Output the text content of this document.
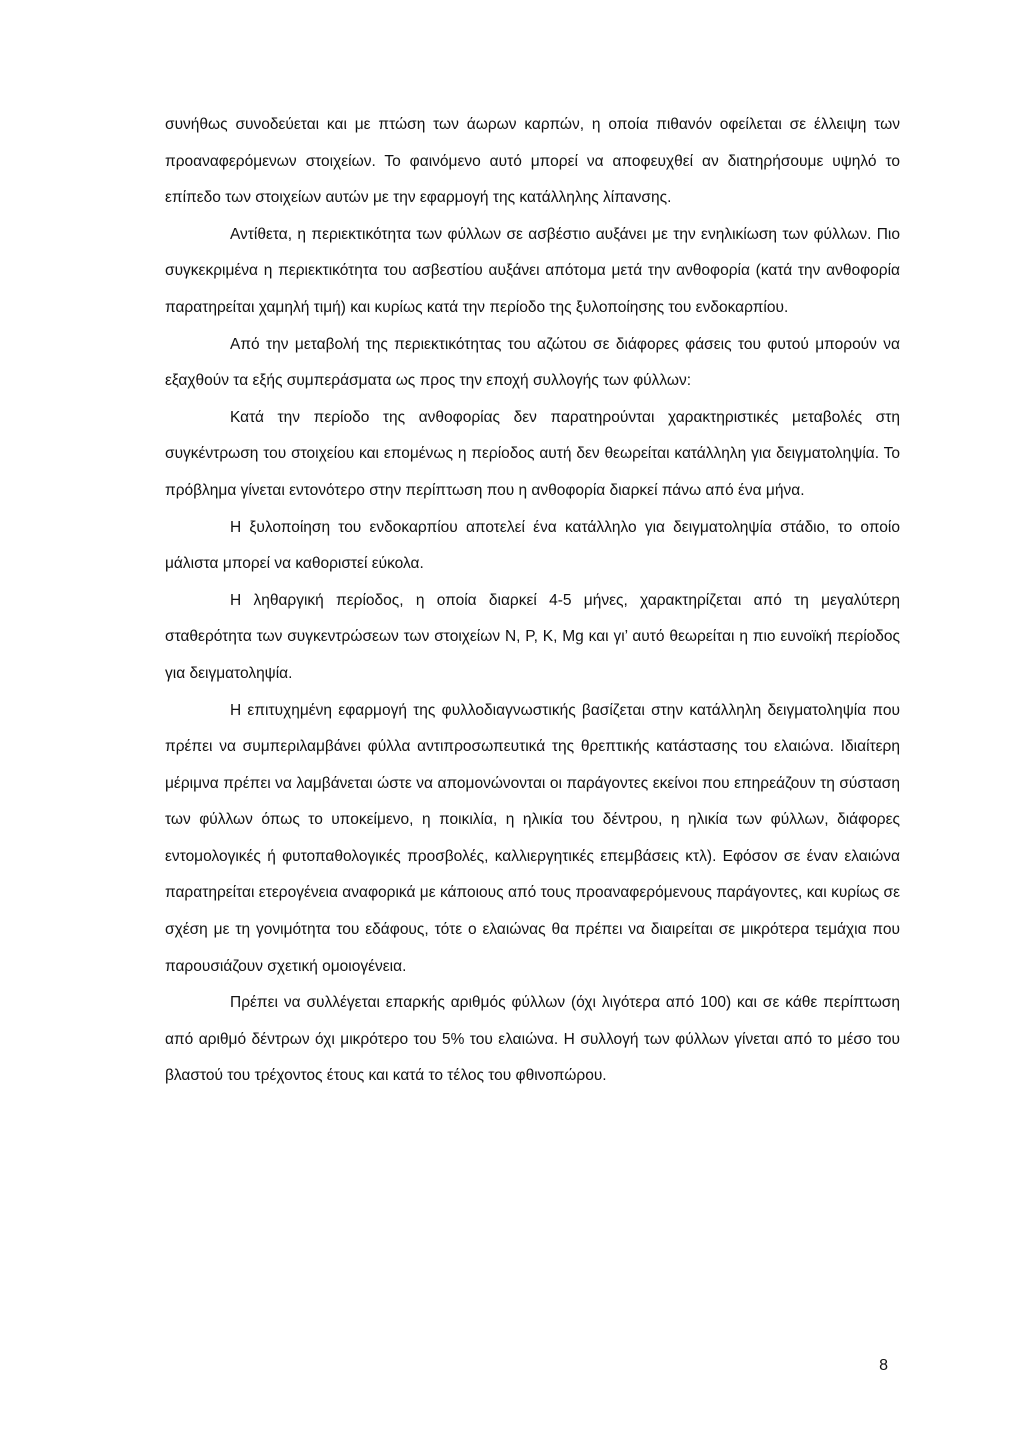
συνήθως συνοδεύεται και με πτώση των άωρων καρπών, η οποία πιθανόν οφείλεται σε έλλειψη των προαναφερόμενων στοιχείων. Το φαινόμενο αυτό μπορεί να αποφευχθεί αν διατηρήσουμε υψηλό το επίπεδο των στοιχείων αυτών με την εφαρμογή της κατάλληλης λίπανσης.

Αντίθετα, η περιεκτικότητα των φύλλων σε ασβέστιο αυξάνει με την ενηλικίωση των φύλλων. Πιο συγκεκριμένα η περιεκτικότητα του ασβεστίου αυξάνει απότομα μετά την ανθοφορία (κατά την ανθοφορία παρατηρείται χαμηλή τιμή) και κυρίως κατά την περίοδο της ξυλοποίησης του ενδοκαρπίου.

Από την μεταβολή της περιεκτικότητας του αζώτου σε διάφορες φάσεις του φυτού μπορούν να εξαχθούν τα εξής συμπεράσματα ως προς την εποχή συλλογής των φύλλων:

Κατά την περίοδο της ανθοφορίας δεν παρατηρούνται χαρακτηριστικές μεταβολές στη συγκέντρωση του στοιχείου και επομένως η περίοδος αυτή δεν θεωρείται κατάλληλη για δειγματοληψία. Το πρόβλημα γίνεται εντονότερο στην περίπτωση που η ανθοφορία διαρκεί πάνω από ένα μήνα.

Η ξυλοποίηση του ενδοκαρπίου αποτελεί ένα κατάλληλο για δειγματοληψία στάδιο, το οποίο μάλιστα μπορεί να καθοριστεί εύκολα.

Η ληθαργική περίοδος, η οποία διαρκεί 4-5 μήνες, χαρακτηρίζεται από τη μεγαλύτερη σταθερότητα των συγκεντρώσεων των στοιχείων Ν, Ρ, Κ, Mg και γι’ αυτό θεωρείται η πιο ευνοϊκή περίοδος για δειγματοληψία.

Η επιτυχημένη εφαρμογή της φυλλοδιαγνωστικής βασίζεται στην κατάλληλη δειγματοληψία που πρέπει να συμπεριλαμβάνει φύλλα αντιπροσωπευτικά της θρεπτικής κατάστασης του ελαιώνα. Ιδιαίτερη μέριμνα πρέπει να λαμβάνεται ώστε να απομονώνονται οι παράγοντες εκείνοι που επηρεάζουν τη σύσταση των φύλλων όπως το υποκείμενο, η ποικιλία, η ηλικία του δέντρου, η ηλικία των φύλλων, διάφορες εντομολογικές ή φυτοπαθολογικές προσβολές, καλλιεργητικές επεμβάσεις κτλ). Εφόσον σε έναν ελαιώνα παρατηρείται ετερογένεια αναφορικά με κάποιους από τους προαναφερόμενους παράγοντες, και κυρίως σε σχέση με τη γονιμότητα του εδάφους, τότε ο ελαιώνας θα πρέπει να διαιρείται σε μικρότερα τεμάχια που παρουσιάζουν σχετική ομοιογένεια.

Πρέπει να συλλέγεται επαρκής αριθμός φύλλων (όχι λιγότερα από 100) και σε κάθε περίπτωση από αριθμό δέντρων όχι μικρότερο του 5% του ελαιώνα. Η συλλογή των φύλλων γίνεται από το μέσο του βλαστού του τρέχοντος έτους και κατά το τέλος του φθινοπώρου.

8
